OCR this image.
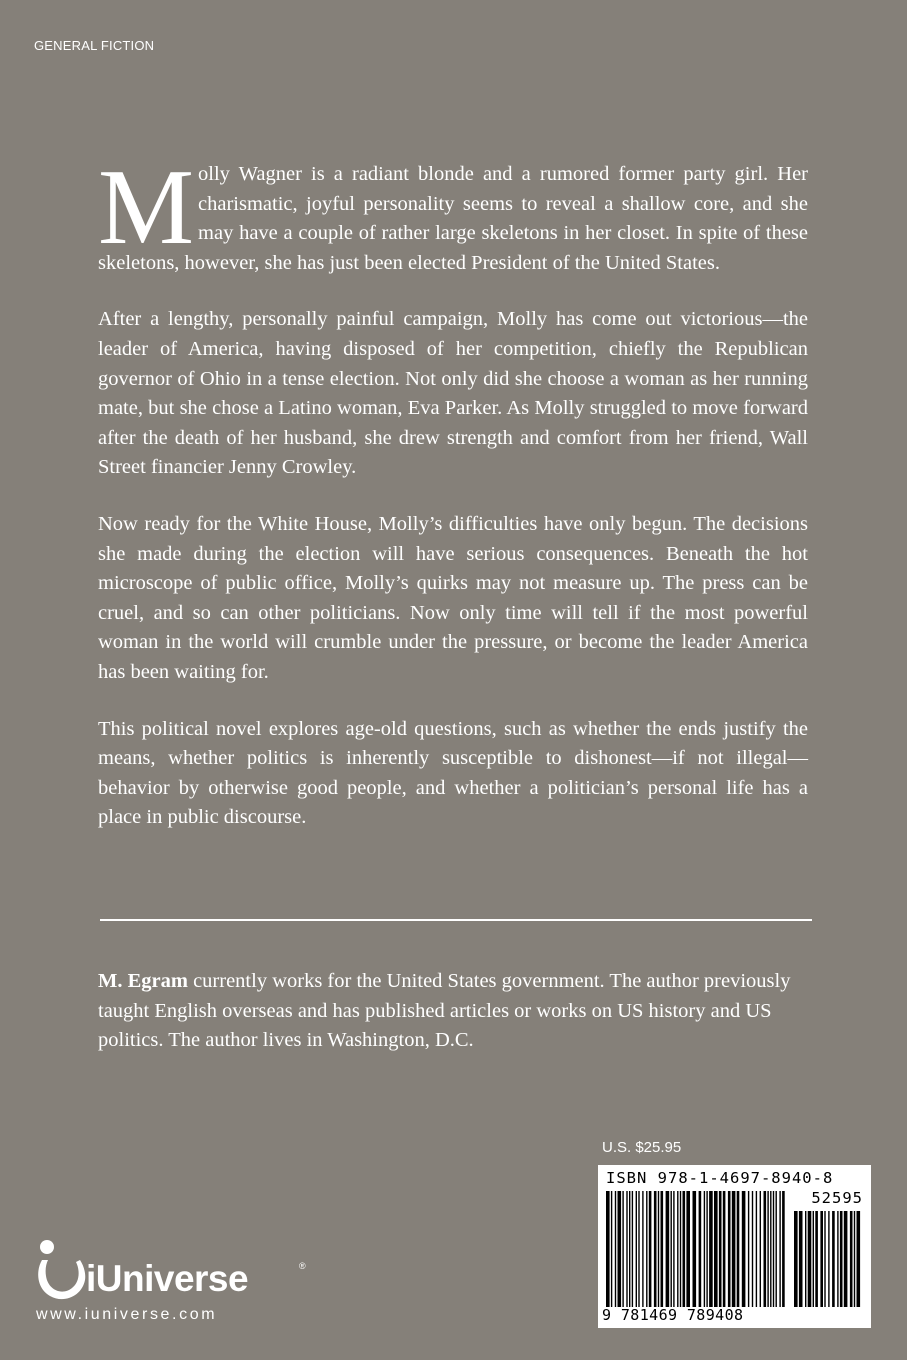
GENERAL FICTION

Molly Wagner is a radiant blonde and a rumored former party girl. Her charismatic, joyful personality seems to reveal a shallow core, and she may have a couple of rather large skeletons in her closet. In spite of these skeletons, however, she has just been elected President of the United States.

After a lengthy, personally painful campaign, Molly has come out victorious—the leader of America, having disposed of her competition, chiefly the Republican governor of Ohio in a tense election. Not only did she choose a woman as her running mate, but she chose a Latino woman, Eva Parker. As Molly struggled to move forward after the death of her husband, she drew strength and comfort from her friend, Wall Street financier Jenny Crowley.

Now ready for the White House, Molly’s difficulties have only begun. The decisions she made during the election will have serious consequences. Beneath the hot microscope of public office, Molly’s quirks may not measure up. The press can be cruel, and so can other politicians. Now only time will tell if the most powerful woman in the world will crumble under the pressure, or become the leader America has been waiting for.

This political novel explores age-old questions, such as whether the ends justify the means, whether politics is inherently susceptible to dishonest—if not illegal—behavior by otherwise good people, and whether a politician’s personal life has a place in public discourse.

M. Egram currently works for the United States government. The author previously taught English overseas and has published articles or works on US history and US politics. The author lives in Washington, D.C.

U.S. $25.95
ISBN 978-1-4697-8940-8
52595
9 781469 789408
iUniverse	®
www.iuniverse.com
